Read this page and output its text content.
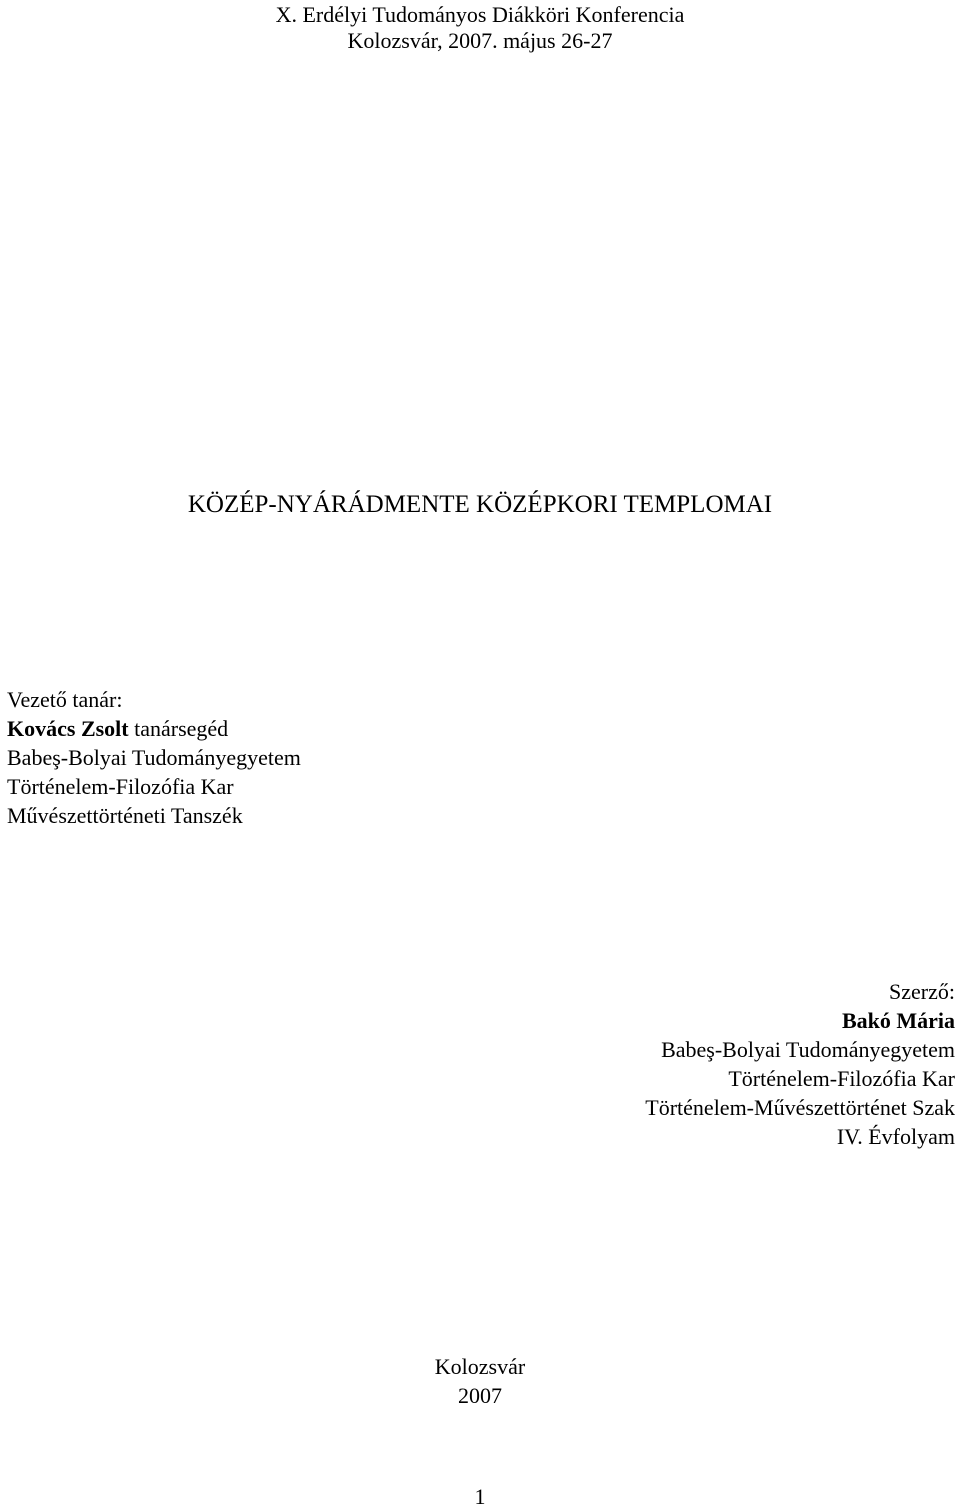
X. Erdélyi Tudományos Diákköri Konferencia
Kolozsvár, 2007. május 26-27
KÖZÉP-NYÁRÁDMENTE KÖZÉPKORI TEMPLOMAI
Vezető tanár:
Kovács Zsolt tanársegéd
Babeş-Bolyai Tudományegyetem
Történelem-Filozófia Kar
Művészettörténeti Tanszék
Szerző:
Bakó Mária
Babeş-Bolyai Tudományegyetem
Történelem-Filozófia Kar
Történelem-Művészettörténet Szak
IV. Évfolyam
Kolozsvár
2007
1
